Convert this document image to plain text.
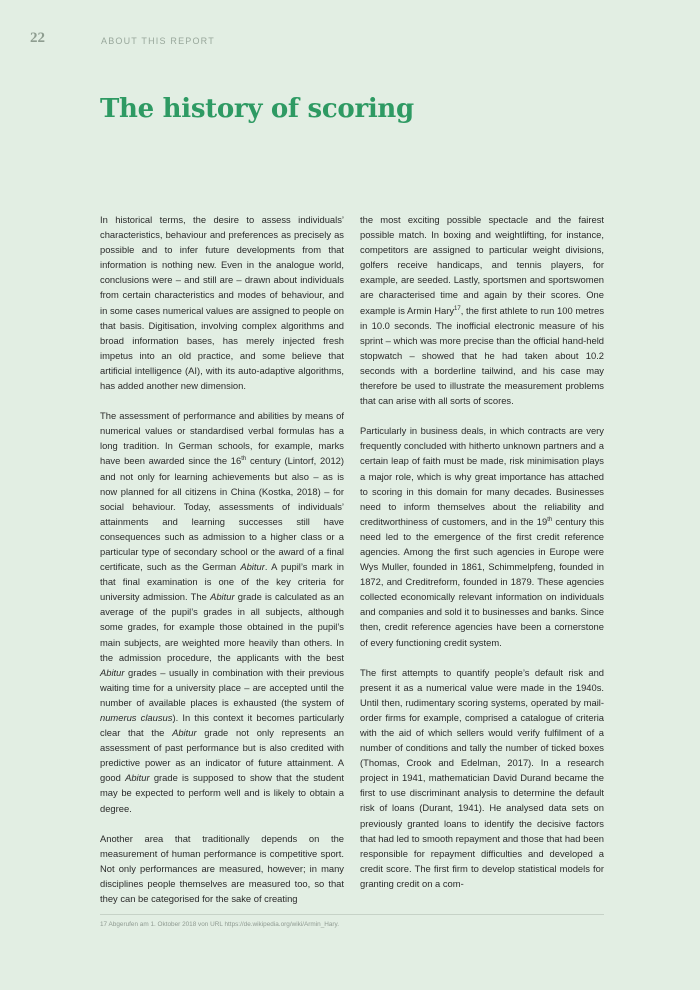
22	ABOUT THIS REPORT
The history of scoring

In historical terms, the desire to assess individuals’ characteristics, behaviour and preferences as precisely as possible and to infer future developments from that information is nothing new. Even in the analogue world, conclusions were – and still are – drawn about individuals from certain characteristics and modes of behaviour, and in some cases numerical values are assigned to people on that basis. Digitisation, involving complex algorithms and broad information bases, has merely injected fresh impetus into an old practice, and some believe that artificial intelligence (AI), with its auto-adaptive algorithms, has added another new dimension.

The assessment of performance and abilities by means of numerical values or standardised verbal formulas has a long tradition. In German schools, for example, marks have been awarded since the 16th century (Lintorf, 2012) and not only for learning achievements but also – as is now planned for all citizens in China (Kostka, 2018) – for social behaviour. Today, assessments of individuals’ attainments and learning successes still have consequences such as admission to a higher class or a particular type of secondary school or the award of a final certificate, such as the German Abitur. A pupil’s mark in that final examination is one of the key criteria for university admission. The Abitur grade is calculated as an average of the pupil’s grades in all subjects, although some grades, for example those obtained in the pupil’s main subjects, are weighted more heavily than others. In the admission procedure, the applicants with the best Abitur grades – usually in combination with their previous waiting time for a university place – are accepted until the number of available places is exhausted (the system of numerus clausus). In this context it becomes particularly clear that the Abitur grade not only represents an assessment of past performance but is also credited with predictive power as an indicator of future attainment. A good Abitur grade is supposed to show that the student may be expected to perform well and is likely to obtain a degree.

Another area that traditionally depends on the measurement of human performance is competitive sport. Not only performances are measured, however; in many disciplines people themselves are measured too, so that they can be categorised for the sake of creating

the most exciting possible spectacle and the fairest possible match. In boxing and weightlifting, for instance, competitors are assigned to particular weight divisions, golfers receive handicaps, and tennis players, for example, are seeded. Lastly, sportsmen and sportswomen are characterised time and again by their scores. One example is Armin Hary$^{17}$, the first athlete to run 100 metres in 10.0 seconds. The inofficial electronic measure of his sprint – which was more precise than the official hand-held stopwatch – showed that he had taken about 10.2 seconds with a borderline tailwind, and his case may therefore be used to illustrate the measurement problems that can arise with all sorts of scores.

Particularly in business deals, in which contracts are very frequently concluded with hitherto unknown partners and a certain leap of faith must be made, risk minimisation plays a major role, which is why great importance has attached to scoring in this domain for many decades. Businesses need to inform themselves about the reliability and creditworthiness of customers, and in the 19th century this need led to the emergence of the first credit reference agencies. Among the first such agencies in Europe were Wys Muller, founded in 1861, Schimmelpfeng, founded in 1872, and Creditreform, founded in 1879. These agencies collected economically relevant information on individuals and companies and sold it to businesses and banks. Since then, credit reference agencies have been a cornerstone of every functioning credit system.

The first attempts to quantify people’s default risk and present it as a numerical value were made in the 1940s. Until then, rudimentary scoring systems, operated by mail-order firms for example, comprised a catalogue of criteria with the aid of which sellers would verify fulfilment of a number of conditions and tally the number of ticked boxes (Thomas, Crook and Edelman, 2017). In a research project in 1941, mathematician David Durand became the first to use discriminant analysis to determine the default risk of loans (Durant, 1941). He analysed data sets on previously granted loans to identify the decisive factors that had led to smooth repayment and those that had been responsible for repayment difficulties and developed a credit score. The first firm to develop statistical models for granting credit on a com-

17 Abgerufen am 1. Oktober 2018 von URL https://de.wikipedia.org/wiki/Armin_Hary.
